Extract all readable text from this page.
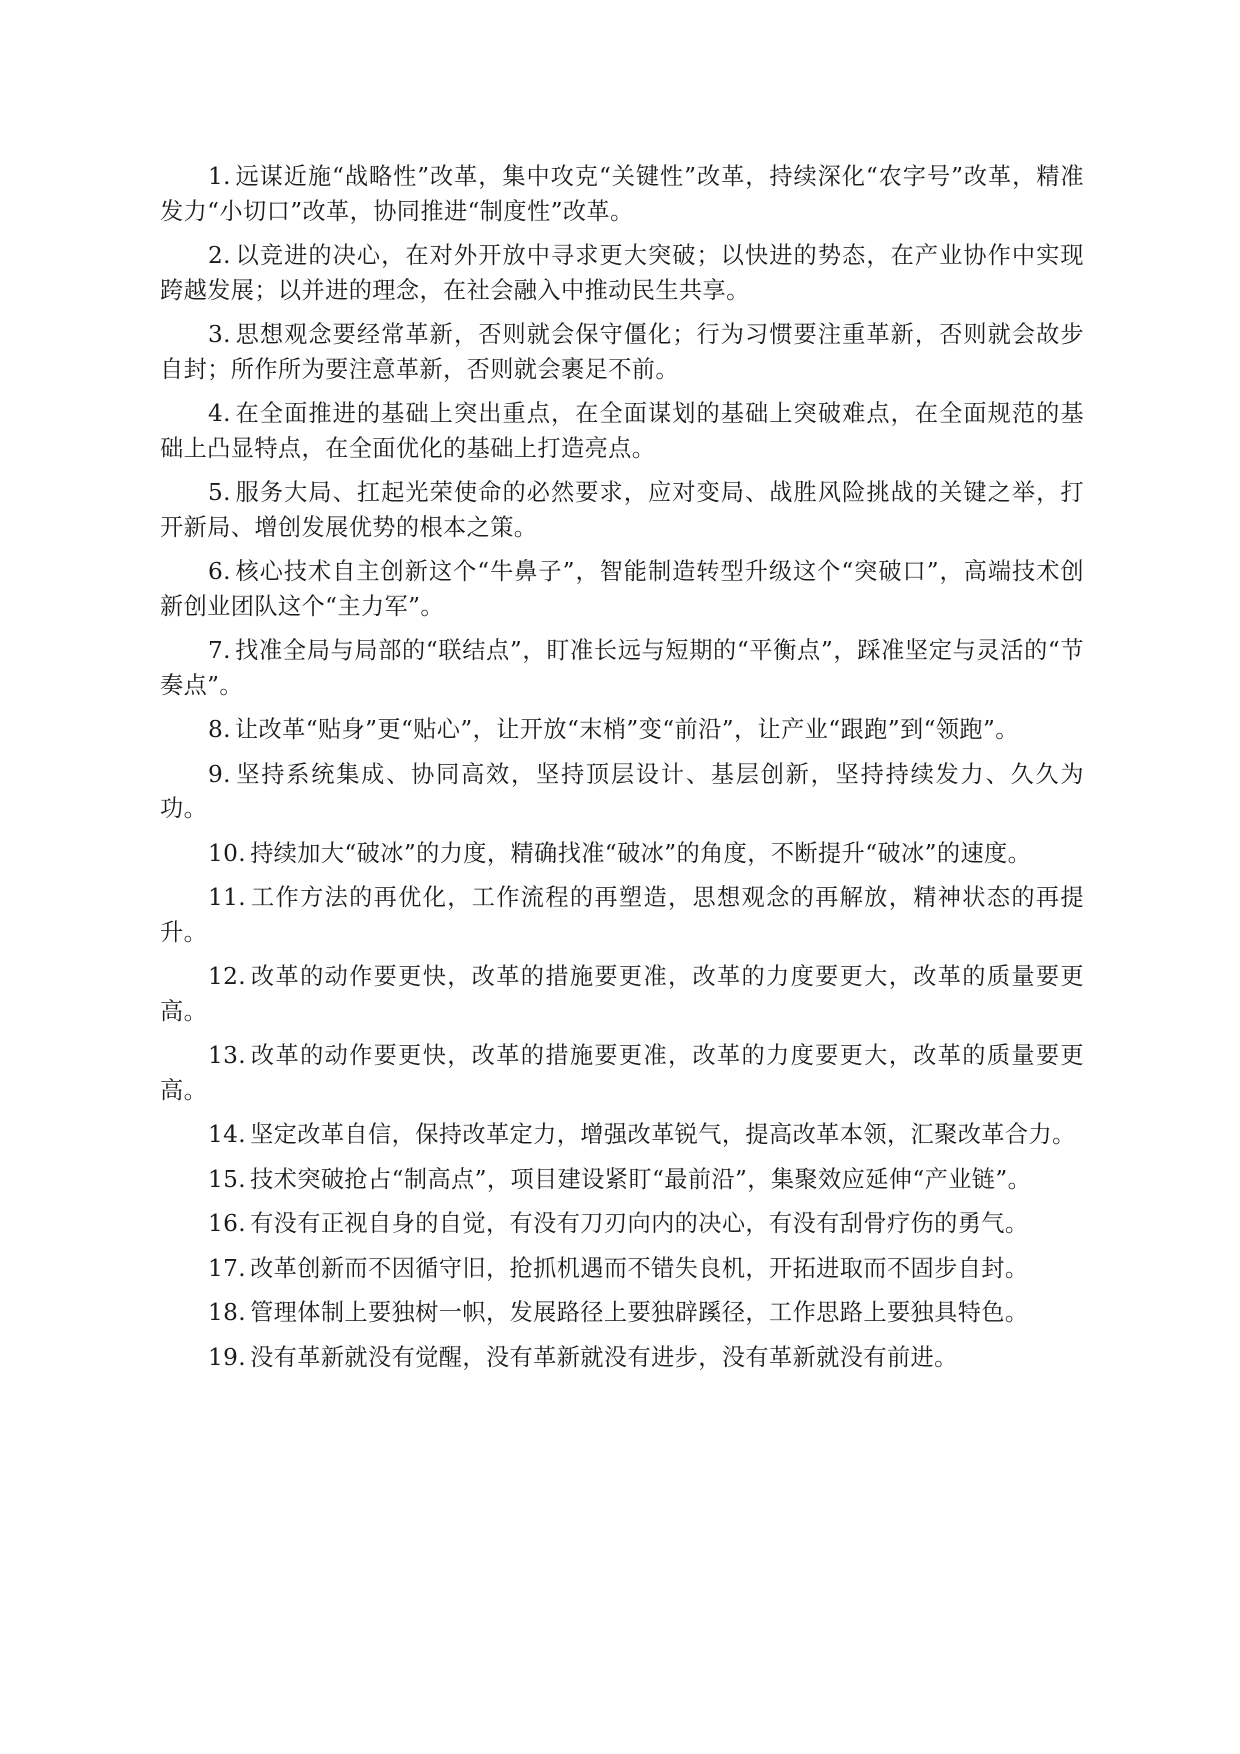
1. 远谋近施“战略性”改革，集中攻克“关键性”改革，持续深化“农字号”改革，精准发力“小切口”改革，协同推进“制度性”改革。

2. 以竞进的决心，在对外开放中寻求更大突破；以快进的势态，在产业协作中实现跨越发展；以并进的理念，在社会融入中推动民生共享。

3. 思想观念要经常革新，否则就会保守僵化；行为习惯要注重革新，否则就会故步自封；所作所为要注意革新，否则就会裹足不前。

4. 在全面推进的基础上突出重点，在全面谋划的基础上突破难点，在全面规范的基础上凸显特点，在全面优化的基础上打造亮点。

5. 服务大局、扛起光荣使命的必然要求，应对变局、战胜风险挑战的关键之举，打开新局、增创发展优势的根本之策。

6. 核心技术自主创新这个“牛鼻子”，智能制造转型升级这个“突破口”，高端技术创新创业团队这个“主力军”。

7. 找准全局与局部的“联结点”，盯准长远与短期的“平衡点”，踩准坚定与灵活的“节奏点”。

8. 让改革“贴身”更“贴心”，让开放“末梢”变“前沿”，让产业“跟跑”到“领跑”。

9. 坚持系统集成、协同高效，坚持顶层设计、基层创新，坚持持续发力、久久为功。

10. 持续加大“破冰”的力度，精确找准“破冰”的角度，不断提升“破冰”的速度。

11. 工作方法的再优化，工作流程的再塑造，思想观念的再解放，精神状态的再提升。

12. 改革的动作要更快，改革的措施要更准，改革的力度要更大，改革的质量要更高。

13. 改革的动作要更快，改革的措施要更准，改革的力度要更大，改革的质量要更高。

14. 坚定改革自信，保持改革定力，增强改革锐气，提高改革本领，汇聚改革合力。

15. 技术突破抢占“制高点”，项目建设紧盯“最前沿”，集聚效应延伸“产业链”。

16. 有没有正视自身的自觉，有没有刀刃向内的决心，有没有刮骨疗伤的勇气。

17. 改革创新而不因循守旧，抢抓机遇而不错失良机，开拓进取而不固步自封。

18. 管理体制上要独树一帜，发展路径上要独辟蹊径，工作思路上要独具特色。

19. 没有革新就没有觉醒，没有革新就没有进步，没有革新就没有前进。
